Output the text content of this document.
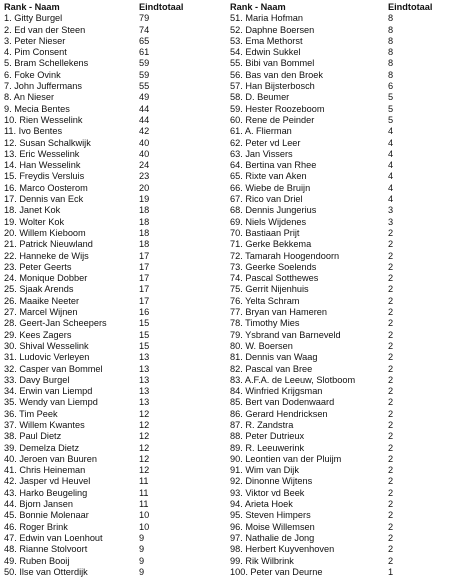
Rank - Naam	Eindtotaal
1. Gitty Burgel	79
2. Ed van der Steen	74
3. Peter Nieser	65
4. Pim Consent	61
5. Bram Schellekens	59
6. Foke Ovink	59
7. John Juffermans	55
8. An Nieser	49
9. Mecia Bentes	44
10. Rien Wesselink	44
11. Ivo Bentes	42
12. Susan Schalkwijk	40
13. Eric Wesselink	40
14. Han Wesselink	24
15. Freydis Versluis	23
16. Marco Oosterom	20
17. Dennis van Eck	19
18. Janet Kok	18
19. Wolter Kok	18
20. Willem Kieboom	18
21. Patrick Nieuwland	18
22. Hanneke de Wijs	17
23. Peter Geerts	17
24. Monique Dobber	17
25. Sjaak Arends	17
26. Maaike Neeter	17
27. Marcel Wijnen	16
28. Geert-Jan Scheepers	15
29. Kees Zagers	15
30. Shival Wesselink	15
31. Ludovic Verleyen	13
32. Casper van Bommel	13
33. Davy Burgel	13
34. Erwin van Liempd	13
35. Wendy van Liempd	13
36. Tim Peek	12
37. Willem Kwantes	12
38. Paul Dietz	12
39. Demelza Dietz	12
40. Jeroen van Buuren	12
41. Chris Heineman	12
42. Jasper vd Heuvel	11
43. Harko Beugeling	11
44. Bjorn Jansen	11
45. Bonnie Molenaar	10
46. Roger Brink	10
47. Edwin van Loenhout	9
48. Rianne Stolvoort	9
49. Ruben Booij	9
50. Ilse van Otterdijk	9
Rank - Naam	Eindtotaal
51. Maria Hofman	8
52. Daphne Boersen	8
53. Ema Methorst	8
54. Edwin Sukkel	8
55. Bibi van Bommel	8
56. Bas van den Broek	8
57. Han Bijsterbosch	6
58. D. Beumer	5
59. Hester Roozeboom	5
60. Rene de Peinder	5
61. A. Flierman	4
62. Peter vd Leer	4
63. Jan Vissers	4
64. Bertina van Rhee	4
65. Rixte van Aken	4
66. Wiebe de Bruijn	4
67. Rico van Driel	4
68. Dennis Jungerius	3
69. Niels Wijdenes	3
70. Bastiaan Prijt	2
71. Gerke Bekkema	2
72. Tamarah Hoogendoorn	2
73. Geerke Soelends	2
74. Pascal Sotthewes	2
75. Gerrit Nijenhuis	2
76. Yelta Schram	2
77. Bryan van Hameren	2
78. Timothy Mies	2
79. Ysbrand van Barneveld	2
80. W. Boersen	2
81. Dennis van Waag	2
82. Pascal van Bree	2
83. A.F.A. de Leeuw, Slotboom	2
84. Winfried Krijgsman	2
85. Bert van Dodenwaard	2
86. Gerard Hendricksen	2
87. R. Zandstra	2
88. Peter Dutrieux	2
89. R. Leeuwerink	2
90. Leontien van der Pluijm	2
91. Wim van Dijk	2
92. Dinonne Wijtens	2
93. Viktor vd Beek	2
94. Arieta Hoek	2
95. Steven Himpers	2
96. Moise Willemsen	2
97. Nathalie de Jong	2
98. Herbert Kuyvenhoven	2
99. Rik Wilbrink	2
100. Peter van Deurne	1
